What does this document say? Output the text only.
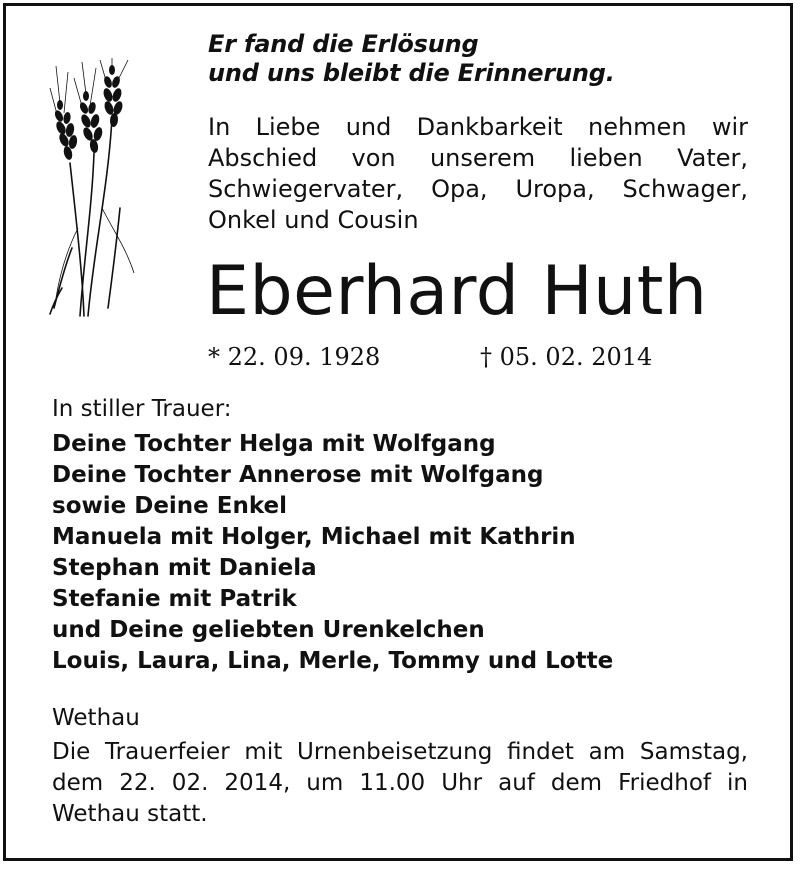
Er fand die Erlösung
und uns bleibt die Erinnerung.
In Liebe und Dankbarkeit nehmen wir
Abschied von unserem lieben Vater,
Schwiegervater, Opa, Uropa, Schwager,
Onkel und Cousin
Eberhard Huth
* 22. 09. 1928	† 05. 02. 2014
In stiller Trauer:
Deine Tochter Helga mit Wolfgang
Deine Tochter Annerose mit Wolfgang
sowie Deine Enkel
Manuela mit Holger, Michael mit Kathrin
Stephan mit Daniela
Stefanie mit Patrik
und Deine geliebten Urenkelchen
Louis, Laura, Lina, Merle, Tommy und Lotte
Wethau
Die Trauerfeier mit Urnenbeisetzung findet am Samstag,
dem 22. 02. 2014, um 11.00 Uhr auf dem Friedhof in
Wethau statt.
